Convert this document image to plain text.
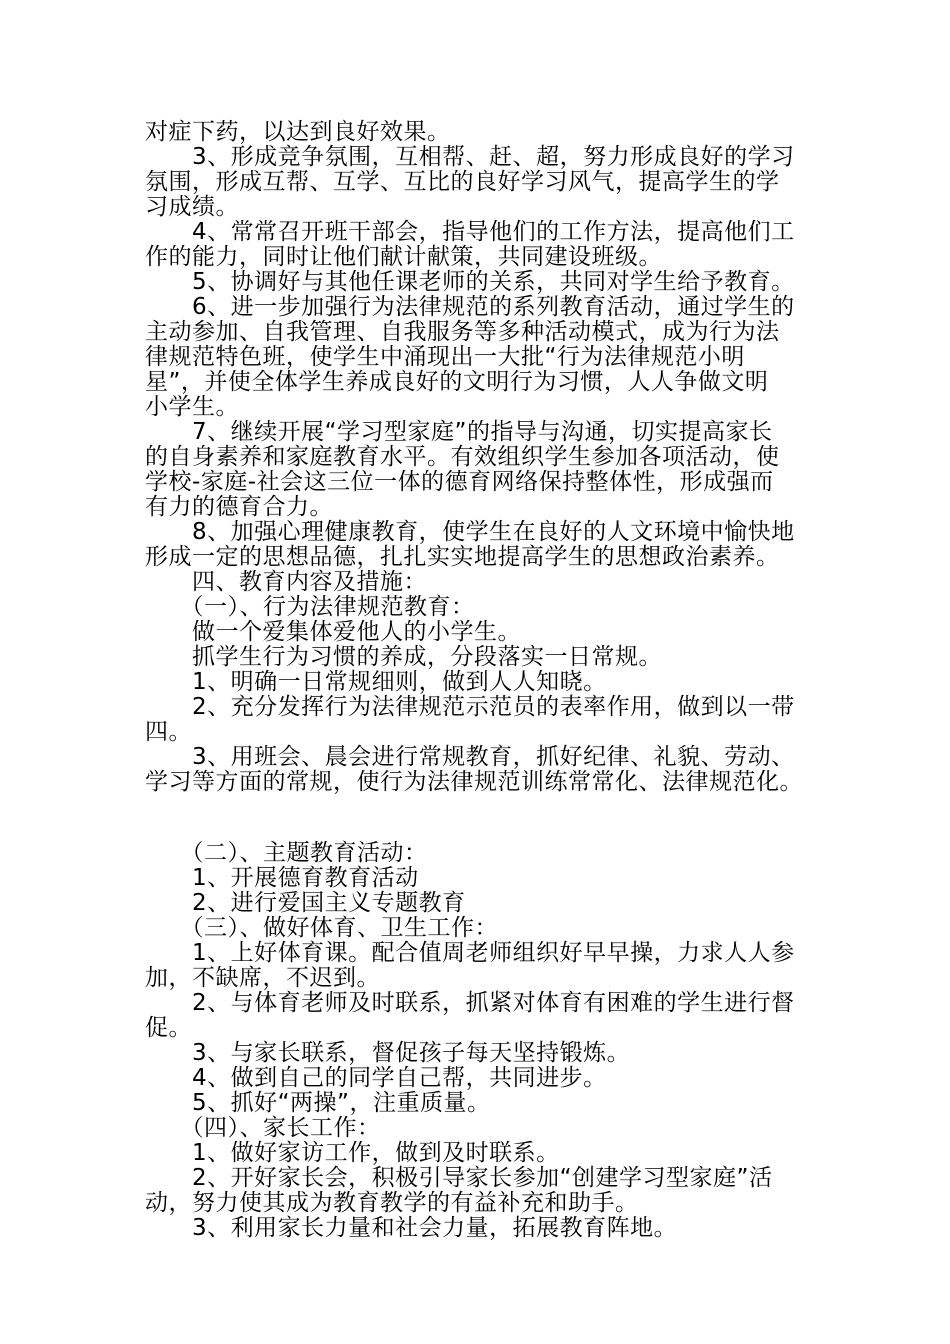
对症下药，以达到良好效果。
　　3、形成竞争氛围，互相帮、赶、超，努力形成良好的学习
氛围，形成互帮、互学、互比的良好学习风气，提高学生的学
习成绩。
　　4、常常召开班干部会，指导他们的工作方法，提高他们工
作的能力，同时让他们献计献策，共同建设班级。
　　5、协调好与其他任课老师的关系，共同对学生给予教育。
　　6、进一步加强行为法律规范的系列教育活动，通过学生的
主动参加、自我管理、自我服务等多种活动模式，成为行为法
律规范特色班，使学生中涌现出一大批“行为法律规范小明
星”，并使全体学生养成良好的文明行为习惯，人人争做文明
小学生。
　　7、继续开展“学习型家庭”的指导与沟通，切实提高家长
的自身素养和家庭教育水平。有效组织学生参加各项活动，使
学校-家庭-社会这三位一体的德育网络保持整体性，形成强而
有力的德育合力。
　　8、加强心理健康教育，使学生在良好的人文环境中愉快地
形成一定的思想品德，扎扎实实地提高学生的思想政治素养。
　　四、教育内容及措施：
　　（一）、行为法律规范教育：
　　做一个爱集体爱他人的小学生。
　　抓学生行为习惯的养成，分段落实一日常规。
　　1、明确一日常规细则，做到人人知晓。
　　2、充分发挥行为法律规范示范员的表率作用，做到以一带
四。
　　3、用班会、晨会进行常规教育，抓好纪律、礼貌、劳动、
学习等方面的常规，使行为法律规范训练常常化、法律规范化。
　　（二）、主题教育活动：
　　1、开展德育教育活动
　　2、进行爱国主义专题教育
　　（三）、做好体育、卫生工作：
　　1、上好体育课。配合值周老师组织好早早操，力求人人参
加，不缺席，不迟到。
　　2、与体育老师及时联系，抓紧对体育有困难的学生进行督
促。
　　3、与家长联系，督促孩子每天坚持锻炼。
　　4、做到自己的同学自己帮，共同进步。
　　5、抓好“两操”，注重质量。
　　（四）、家长工作：
　　1、做好家访工作，做到及时联系。
　　2、开好家长会，积极引导家长参加“创建学习型家庭”活
动，努力使其成为教育教学的有益补充和助手。
　　3、利用家长力量和社会力量，拓展教育阵地。
